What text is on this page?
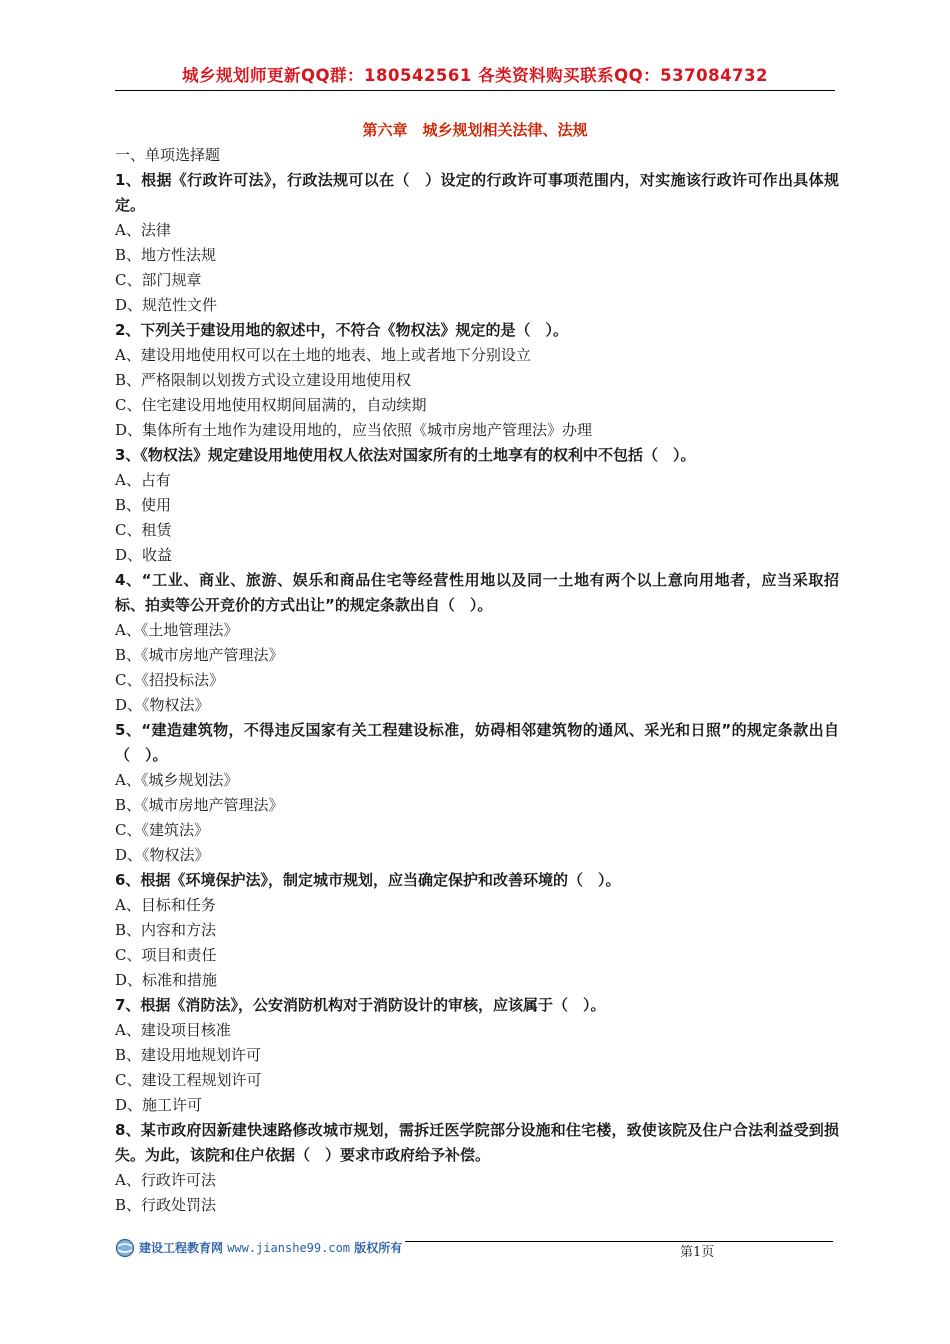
城乡规划师更新QQ群：180542561 各类资料购买联系QQ：537084732
第六章　城乡规划相关法律、法规
一、单项选择题

1、根据《行政许可法》，行政法规可以在（　）设定的行政许可事项范围内，对实施该行政许可作出具体规定。

A、法律
B、地方性法规
C、部门规章
D、规范性文件

2、下列关于建设用地的叙述中，不符合《物权法》规定的是（　）。

A、建设用地使用权可以在土地的地表、地上或者地下分别设立
B、严格限制以划拨方式设立建设用地使用权
C、住宅建设用地使用权期间届满的，自动续期
D、集体所有土地作为建设用地的，应当依照《城市房地产管理法》办理

3、《物权法》规定建设用地使用权人依法对国家所有的土地享有的权利中不包括（　）。

A、占有
B、使用
C、租赁
D、收益

4、“工业、商业、旅游、娱乐和商品住宅等经营性用地以及同一土地有两个以上意向用地者，应当采取招标、拍卖等公开竞价的方式出让”的规定条款出自（　）。

A、《土地管理法》
B、《城市房地产管理法》
C、《招投标法》
D、《物权法》

5、“建造建筑物，不得违反国家有关工程建设标准，妨碍相邻建筑物的通风、采光和日照”的规定条款出自（　）。

A、《城乡规划法》
B、《城市房地产管理法》
C、《建筑法》
D、《物权法》

6、根据《环境保护法》，制定城市规划，应当确定保护和改善环境的（　）。

A、目标和任务
B、内容和方法
C、项目和责任
D、标准和措施

7、根据《消防法》，公安消防机构对于消防设计的审核，应该属于（　）。

A、建设项目核准
B、建设用地规划许可
C、建设工程规划许可
D、施工许可

8、某市政府因新建快速路修改城市规划，需拆迁医学院部分设施和住宅楼，致使该院及住户合法利益受到损失。为此，该院和住户依据（　）要求市政府给予补偿。

A、行政许可法
B、行政处罚法
建设工程教育网 www.jianshe99.com 版权所有	第1页
